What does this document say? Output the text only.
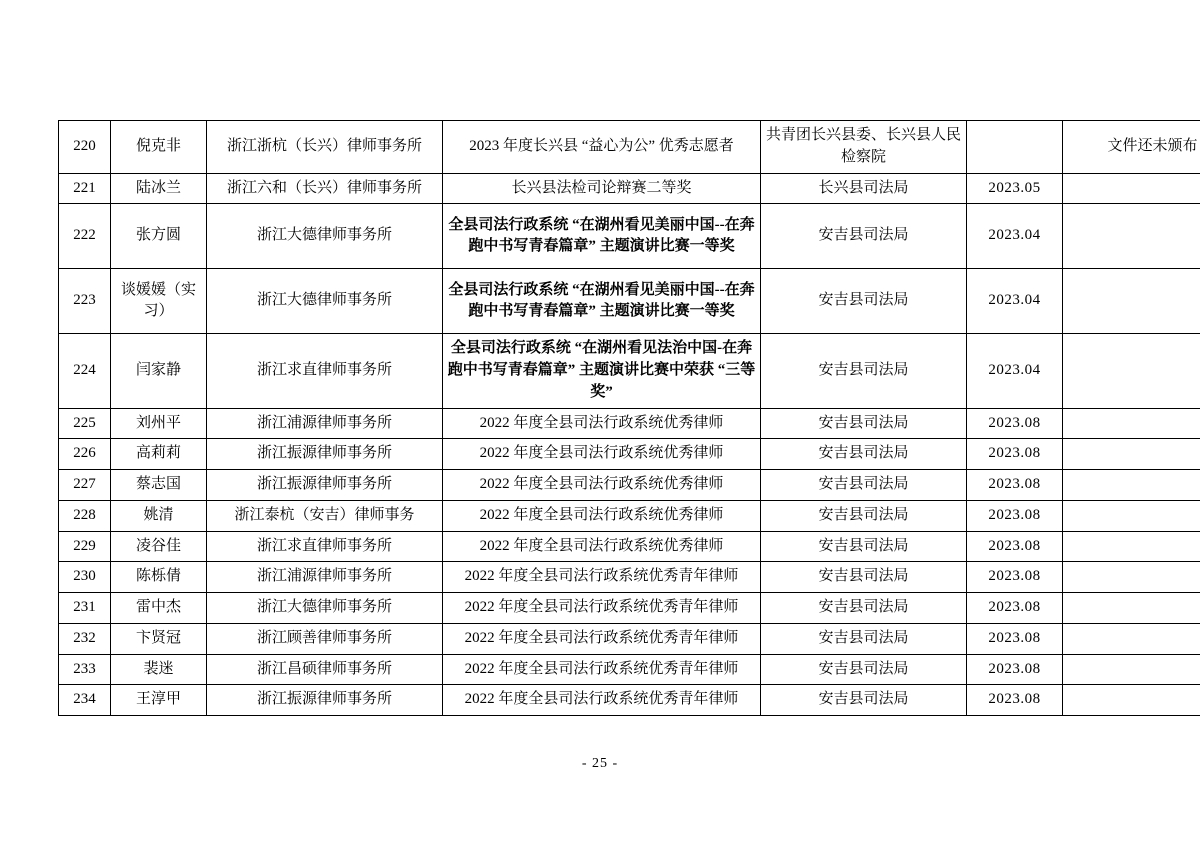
220	倪克非	浙江浙杭（长兴）律师事务所	2023 年度长兴县 “益心为公” 优秀志愿者	共青团长兴县委、长兴县人民检察院		文件还未颁布
221	陆冰兰	浙江六和（长兴）律师事务所	长兴县法检司论辩赛二等奖	长兴县司法局	2023.05	
222	张方圆	浙江大德律师事务所	全县司法行政系统 “在湖州看见美丽中国--在奔跑中书写青春篇章” 主题演讲比赛一等奖	安吉县司法局	2023.04	
223	谈媛媛（实习）	浙江大德律师事务所	全县司法行政系统 “在湖州看见美丽中国--在奔跑中书写青春篇章” 主题演讲比赛一等奖	安吉县司法局	2023.04	
224	闫家静	浙江求直律师事务所	全县司法行政系统 “在湖州看见法治中国-在奔跑中书写青春篇章” 主题演讲比赛中荣获 “三等奖”	安吉县司法局	2023.04	
225	刘州平	浙江浦源律师事务所	2022 年度全县司法行政系统优秀律师	安吉县司法局	2023.08	
226	高莉莉	浙江振源律师事务所	2022 年度全县司法行政系统优秀律师	安吉县司法局	2023.08	
227	蔡志国	浙江振源律师事务所	2022 年度全县司法行政系统优秀律师	安吉县司法局	2023.08	
228	姚清	浙江泰杭（安吉）律师事务	2022 年度全县司法行政系统优秀律师	安吉县司法局	2023.08	
229	凌谷佳	浙江求直律师事务所	2022 年度全县司法行政系统优秀律师	安吉县司法局	2023.08	
230	陈栎倩	浙江浦源律师事务所	2022 年度全县司法行政系统优秀青年律师	安吉县司法局	2023.08	
231	雷中杰	浙江大德律师事务所	2022 年度全县司法行政系统优秀青年律师	安吉县司法局	2023.08	
232	卞贤冠	浙江顾善律师事务所	2022 年度全县司法行政系统优秀青年律师	安吉县司法局	2023.08	
233	裴迷	浙江昌硕律师事务所	2022 年度全县司法行政系统优秀青年律师	安吉县司法局	2023.08	
234	王淳甲	浙江振源律师事务所	2022 年度全县司法行政系统优秀青年律师	安吉县司法局	2023.08	
- 25 -
